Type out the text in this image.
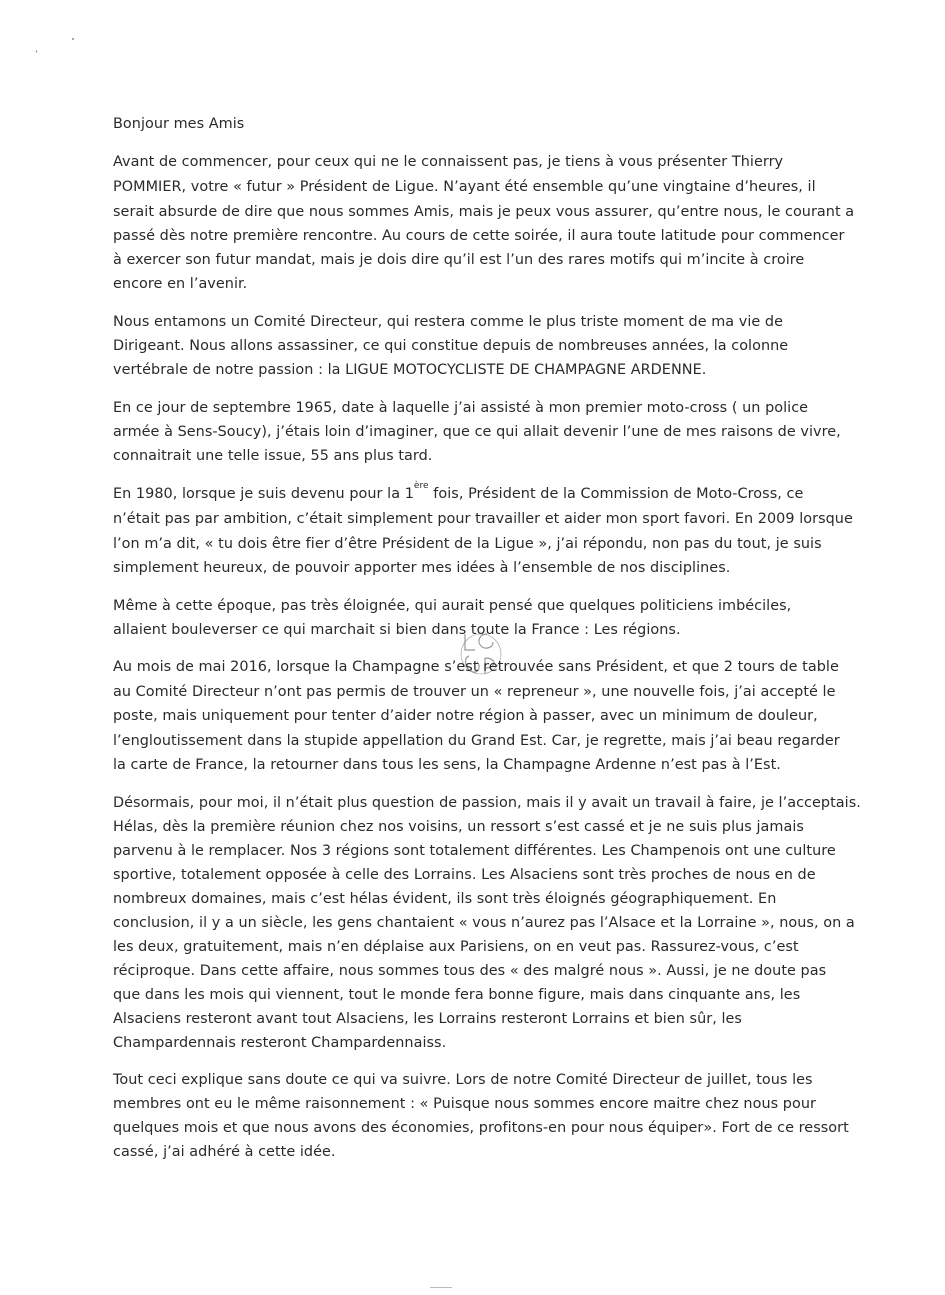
Bonjour mes Amis
Avant de commencer, pour ceux qui ne le connaissent pas, je tiens à vous présenter Thierry
POMMIER, votre « futur » Président de Ligue. N’ayant été ensemble qu’une vingtaine d’heures, il
serait absurde de dire que nous sommes Amis, mais je peux vous assurer, qu’entre nous, le courant a
passé dès notre première rencontre. Au cours de cette soirée, il aura toute latitude pour commencer
à exercer son futur mandat, mais je dois dire qu’il est l’un des rares motifs qui m’incite à croire
encore en l’avenir.
Nous entamons un Comité Directeur, qui restera comme le plus triste moment de ma vie de
Dirigeant. Nous allons assassiner, ce qui constitue depuis de nombreuses années, la colonne
vertébrale de notre passion : la LIGUE MOTOCYCLISTE DE CHAMPAGNE ARDENNE.
En ce jour de septembre 1965, date à laquelle j’ai assisté à mon premier moto-cross ( un police
armée à Sens-Soucy), j’étais loin d’imaginer, que ce qui allait devenir l’une de mes raisons de vivre,
connaitrait une telle issue, 55 ans plus tard.
En 1980, lorsque je suis devenu pour la 1ère fois, Président de la Commission de Moto-Cross, ce
n’était pas par ambition, c’était simplement pour travailler et aider mon sport favori. En 2009 lorsque
l’on m’a dit, « tu dois être fier d’être Président de la Ligue », j’ai répondu, non pas du tout, je suis
simplement heureux, de pouvoir apporter mes idées à l’ensemble de nos disciplines.
Même à cette époque, pas très éloignée, qui aurait pensé que quelques politiciens imbéciles,
allaient bouleverser ce qui marchait si bien dans toute la France : Les régions.
Au mois de mai 2016, lorsque la Champagne s’est retrouvée sans Président, et que 2 tours de table
au Comité Directeur n’ont pas permis de trouver un « repreneur », une nouvelle fois, j’ai accepté le
poste, mais uniquement pour tenter d’aider notre région à passer, avec un minimum de douleur,
l’engloutissement dans la stupide appellation du Grand Est. Car, je regrette, mais j’ai beau regarder
la carte de France, la retourner dans tous les sens, la Champagne Ardenne n’est pas à l’Est.
Désormais, pour moi, il n’était plus question de passion, mais il y avait un travail à faire, je l’acceptais.
Hélas, dès la première réunion chez nos voisins, un ressort s’est cassé et je ne suis plus jamais
parvenu à le remplacer. Nos 3 régions sont totalement différentes. Les Champenois ont une culture
sportive, totalement opposée à celle des Lorrains. Les Alsaciens sont très proches de nous en de
nombreux domaines, mais c’est hélas évident, ils sont très éloignés géographiquement. En
conclusion, il y a un siècle, les gens chantaient « vous n’aurez pas l’Alsace et la Lorraine », nous, on a
les deux, gratuitement, mais n’en déplaise aux Parisiens, on en veut pas. Rassurez-vous, c’est
réciproque. Dans cette affaire, nous sommes tous des « des malgré nous ». Aussi, je ne doute pas
que dans les mois qui viennent, tout le monde fera bonne figure, mais dans cinquante ans, les
Alsaciens resteront avant tout Alsaciens, les Lorrains resteront Lorrains et bien sûr, les
Champardennais resteront Champardennaiss.
Tout ceci explique sans doute ce qui va suivre. Lors de notre Comité Directeur de juillet, tous les
membres ont eu le même raisonnement : « Puisque nous sommes encore maitre chez nous pour
quelques mois et que nous avons des économies, profitons-en pour nous équiper». Fort de ce ressort
cassé, j’ai adhéré à cette idée.
